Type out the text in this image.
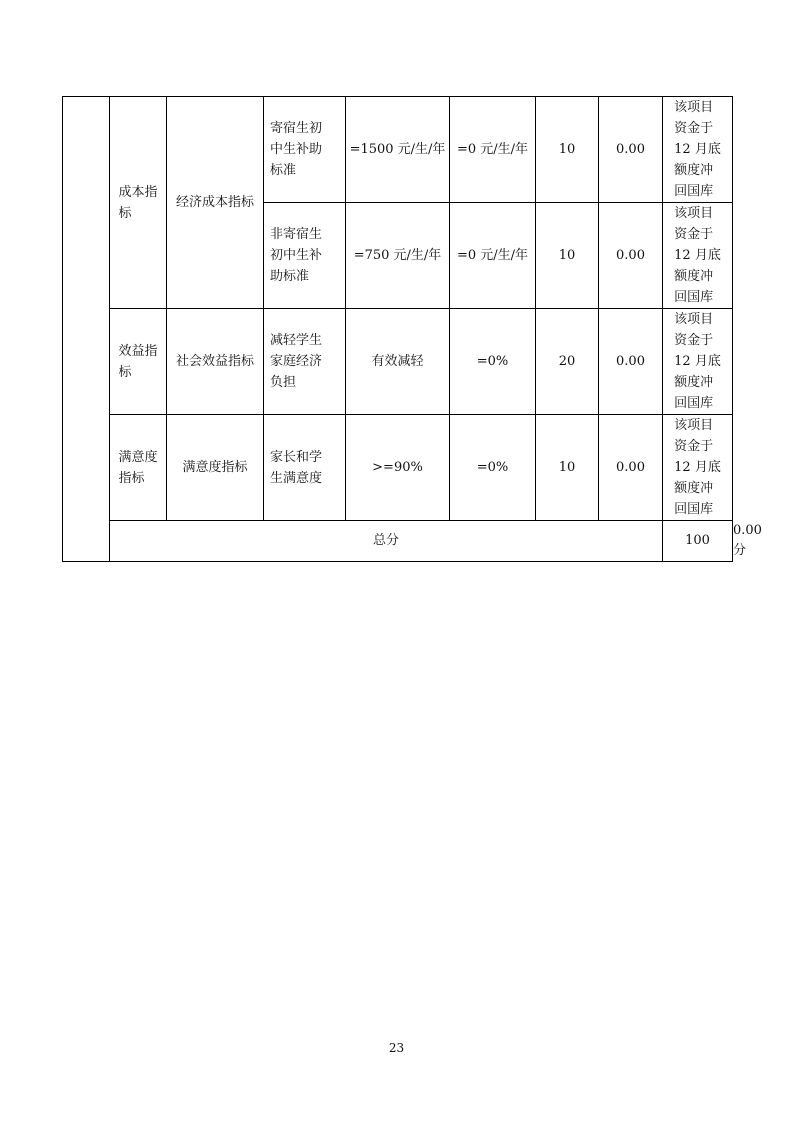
	成本指
标	经济成本指标	寄宿生初
中生补助
标准	=1500 元/生/年	=0 元/生/年	10	0.00	该项目
资金于
12 月底
额度冲
回国库	
			非寄宿生
初中生补
助标准	=750 元/生/年	=0 元/生/年	10	0.00	该项目
资金于
12 月底
额度冲
回国库	
	效益指
标	社会效益指标	减轻学生
家庭经济
负担	有效减轻	=0%	20	0.00	该项目
资金于
12 月底
额度冲
回国库	
	满意度
指标	满意度指标	家长和学
生满意度	>=90%	=0%	10	0.00	该项目
资金于
12 月底
额度冲
回国库	
	总分							100	0.00 分	
23
